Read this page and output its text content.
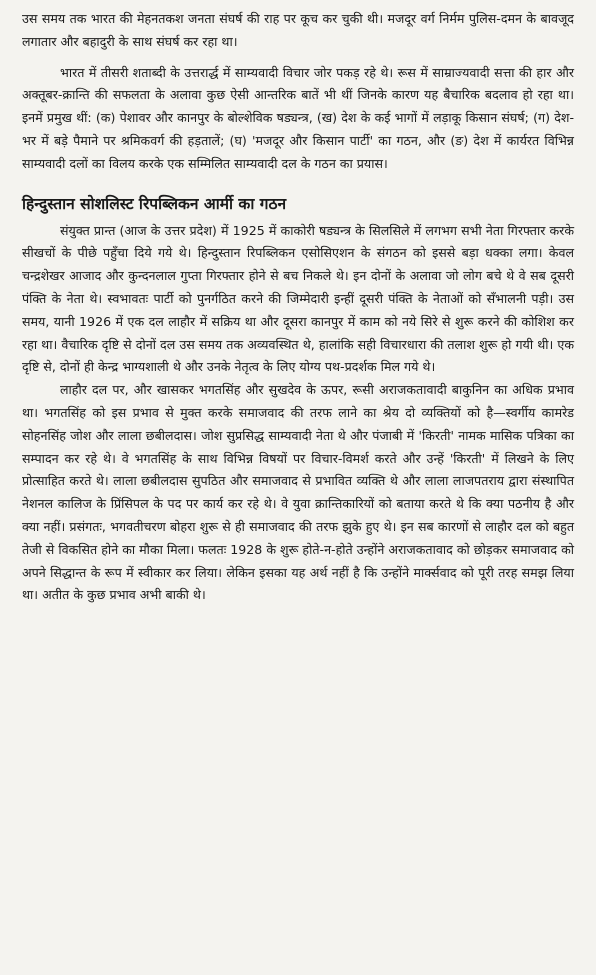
उस समय तक भारत की मेहनतकश जनता संघर्ष की राह पर कूच कर चुकी थी। मजदूर वर्ग निर्मम पुलिस-दमन के बावजूद लगातार और बहादुरी के साथ संघर्ष कर रहा था।

भारत में तीसरी शताब्दी के उत्तरार्द्ध में साम्यवादी विचार जोर पकड़ रहे थे। रूस में साम्राज्यवादी सत्ता की हार और अक्तूबर-क्रान्ति की सफलता के अलावा कुछ ऐसी आन्तरिक बातें भी थीं जिनके कारण यह बैचारिक बदलाव हो रहा था। इनमें प्रमुख थीं: (क) पेशावर और कानपुर के बोल्शेविक षड्यन्त्र, (ख) देश के कई भागों में लड़ाकू किसान संघर्ष; (ग) देश-भर में बड़े पैमाने पर श्रमिकवर्ग की हड़तालें; (घ) 'मजदूर और किसान पार्टी' का गठन, और (ङ) देश में कार्यरत विभिन्न साम्यवादी दलों का विलय करके एक सम्मिलित साम्यवादी दल के गठन का प्रयास।

हिन्दुस्तान सोशलिस्ट रिपब्लिकन आर्मी का गठन

संयुक्त प्रान्त (आज के उत्तर प्रदेश) में 1925 में काकोरी षड्यन्त्र के सिलसिले में लगभग सभी नेता गिरफ्तार करके सीखचों के पीछे पहुँचा दिये गये थे। हिन्दुस्तान रिपब्लिकन एसोसिएशन के संगठन को इससे बड़ा धक्का लगा। केवल चन्द्रशेखर आजाद और कुन्दनलाल गुप्ता गिरफ्तार होने से बच निकले थे। इन दोनों के अलावा जो लोग बचे थे वे सब दूसरी पंक्ति के नेता थे। स्वभावतः पार्टी को पुनर्गठित करने की जिम्मेदारी इन्हीं दूसरी पंक्ति के नेताओं को सँभालनी पड़ी। उस समय, यानी 1926 में एक दल लाहौर में सक्रिय था और दूसरा कानपुर में काम को नये सिरे से शुरू करने की कोशिश कर रहा था। वैचारिक दृष्टि से दोनों दल उस समय तक अव्यवस्थित थे, हालांकि सही विचारधारा की तलाश शुरू हो गयी थी। एक दृष्टि से, दोनों ही केन्द्र भाग्यशाली थे और उनके नेतृत्व के लिए योग्य पथ-प्रदर्शक मिल गये थे।

लाहौर दल पर, और खासकर भगतसिंह और सुखदेव के ऊपर, रूसी अराजकतावादी बाकुनिन का अधिक प्रभाव था। भगतसिंह को इस प्रभाव से मुक्त करके समाजवाद की तरफ लाने का श्रेय दो व्यक्तियों को है—स्वर्गीय कामरेड सोहनसिंह जोश और लाला छबीलदास। जोश सुप्रसिद्ध साम्यवादी नेता थे और पंजाबी में 'किरती' नामक मासिक पत्रिका का सम्पादन कर रहे थे। वे भगतसिंह के साथ विभिन्न विषयों पर विचार-विमर्श करते और उन्हें 'किरती' में लिखने के लिए प्रोत्साहित करते थे। लाला छबीलदास सुपठित और समाजवाद से प्रभावित व्यक्ति थे और लाला लाजपतराय द्वारा संस्थापित नेशनल कालिज के प्रिंसिपल के पद पर कार्य कर रहे थे। वे युवा क्रान्तिकारियों को बताया करते थे कि क्या पठनीय है और क्या नहीं। प्रसंगतः, भगवतीचरण बोहरा शुरू से ही समाजवाद की तरफ झुके हुए थे। इन सब कारणों से लाहौर दल को बहुत तेजी से विकसित होने का मौका मिला। फलतः 1928 के शुरू होते-न-होते उन्होंने अराजकतावाद को छोड़कर समाजवाद को अपने सिद्धान्त के रूप में स्वीकार कर लिया। लेकिन इसका यह अर्थ नहीं है कि उन्होंने मार्क्सवाद को पूरी तरह समझ लिया था। अतीत के कुछ प्रभाव अभी बाकी थे।
